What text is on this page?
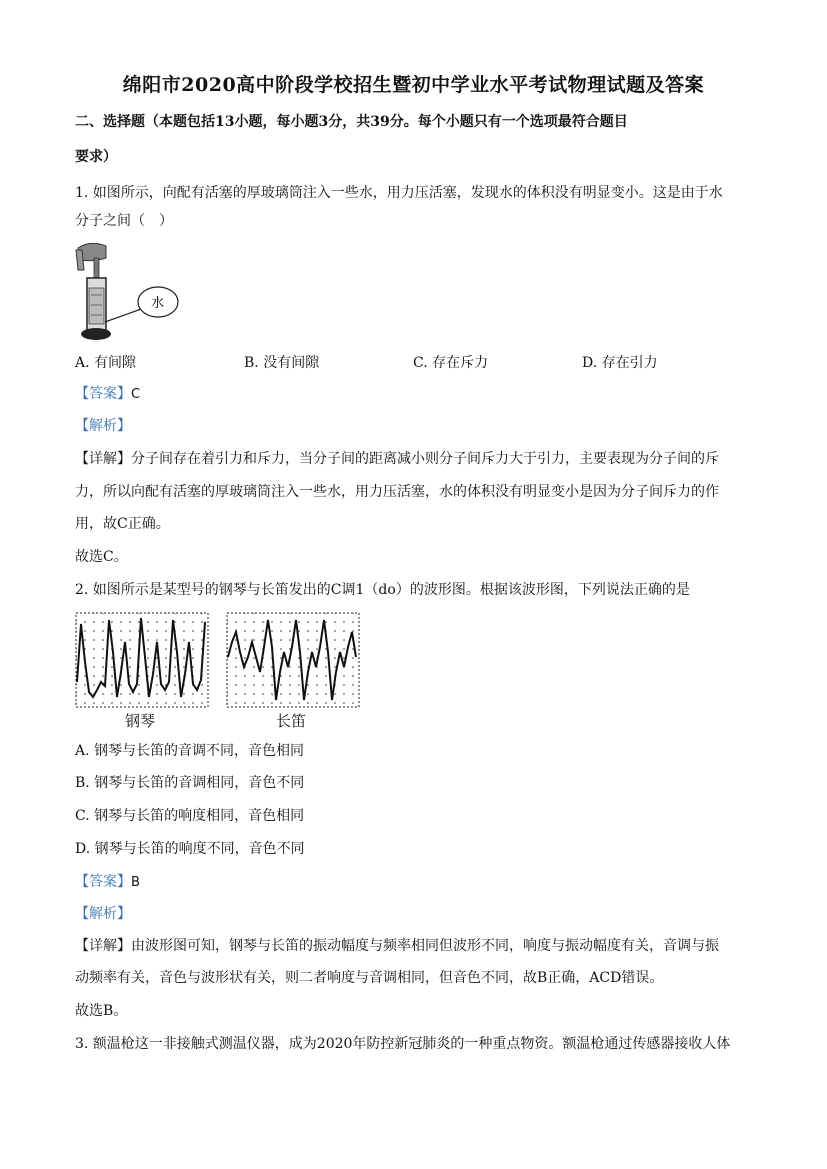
绵阳市2020高中阶段学校招生暨初中学业水平考试物理试题及答案
二、选择题（本题包括13小题，每小题3分，共39分。每个小题只有一个选项最符合题目
要求）
1. 如图所示，向配有活塞的厚玻璃筒注入一些水，用力压活塞，发现水的体积没有明显变小。这是由于水
分子之间（　）
水
A. 有间隙	B. 没有间隙	C. 存在斥力	D. 存在引力
【答案】C
【解析】
【详解】分子间存在着引力和斥力，当分子间的距离减小则分子间斥力大于引力，主要表现为分子间的斥
力，所以向配有活塞的厚玻璃筒注入一些水，用力压活塞，水的体积没有明显变小是因为分子间斥力的作
用，故C正确。
故选C。
2. 如图所示是某型号的钢琴与长笛发出的C调1（do）的波形图。根据该波形图，下列说法正确的是
钢琴	长笛
A. 钢琴与长笛的音调不同，音色相同
B. 钢琴与长笛的音调相同，音色不同
C. 钢琴与长笛的响度相同，音色相同
D. 钢琴与长笛的响度不同，音色不同
【答案】B
【解析】
【详解】由波形图可知，钢琴与长笛的振动幅度与频率相同但波形不同，响度与振动幅度有关，音调与振
动频率有关，音色与波形状有关，则二者响度与音调相同，但音色不同，故B正确，ACD错误。
故选B。
3. 额温枪这一非接触式测温仪器，成为2020年防控新冠肺炎的一种重点物资。额温枪通过传感器接收人体
